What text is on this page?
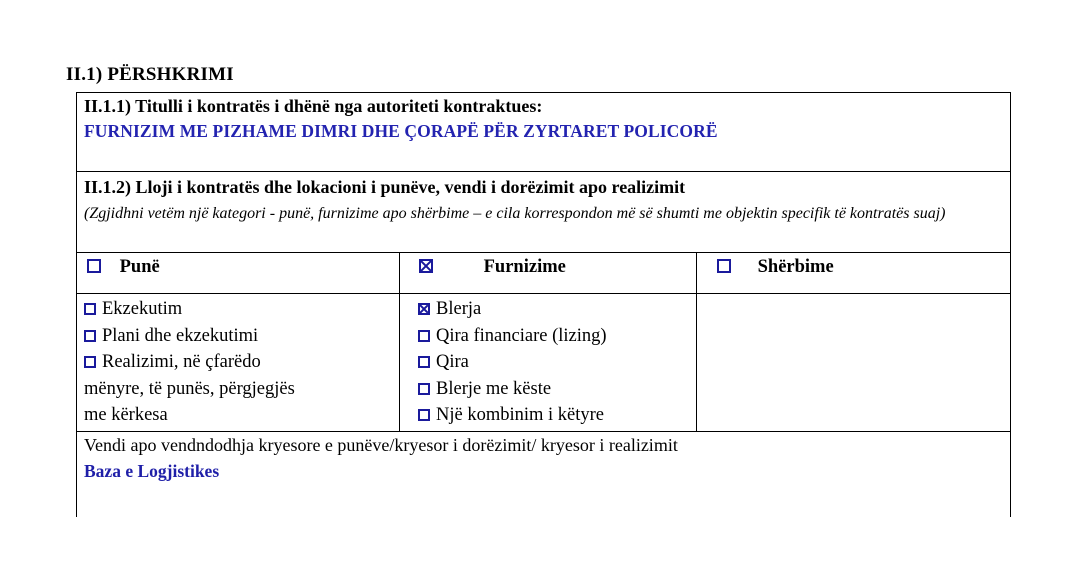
II.1) PËRSHKRIMI
II.1.1) Titulli i kontratës i dhënë nga autoriteti kontraktues:
FURNIZIM ME PIZHAME DIMRI DHE ÇORAPË PËR ZYRTARET POLICORË
II.1.2) Lloji i kontratës dhe lokacioni i punëve, vendi i dorëzimit apo realizimit
(Zgjidhni vetëm një kategori - punë, furnizime apo shërbime – e cila korrespondon më së shumti me objektin specifik të kontratës suaj)
Punë	Furnizime	Shërbime
Ekzekutim
Plani dhe ekzekutimi
Realizimi, në çfarëdo
mënyre, të punës, përgjegjës
me kërkesa
Blerja
Qira financiare (lizing)
Qira
Blerje me këste
Një kombinim i këtyre
Vendi apo vendndodhja kryesore e punëve/kryesor i dorëzimit/ kryesor i realizimit
Baza e Logjistikes
